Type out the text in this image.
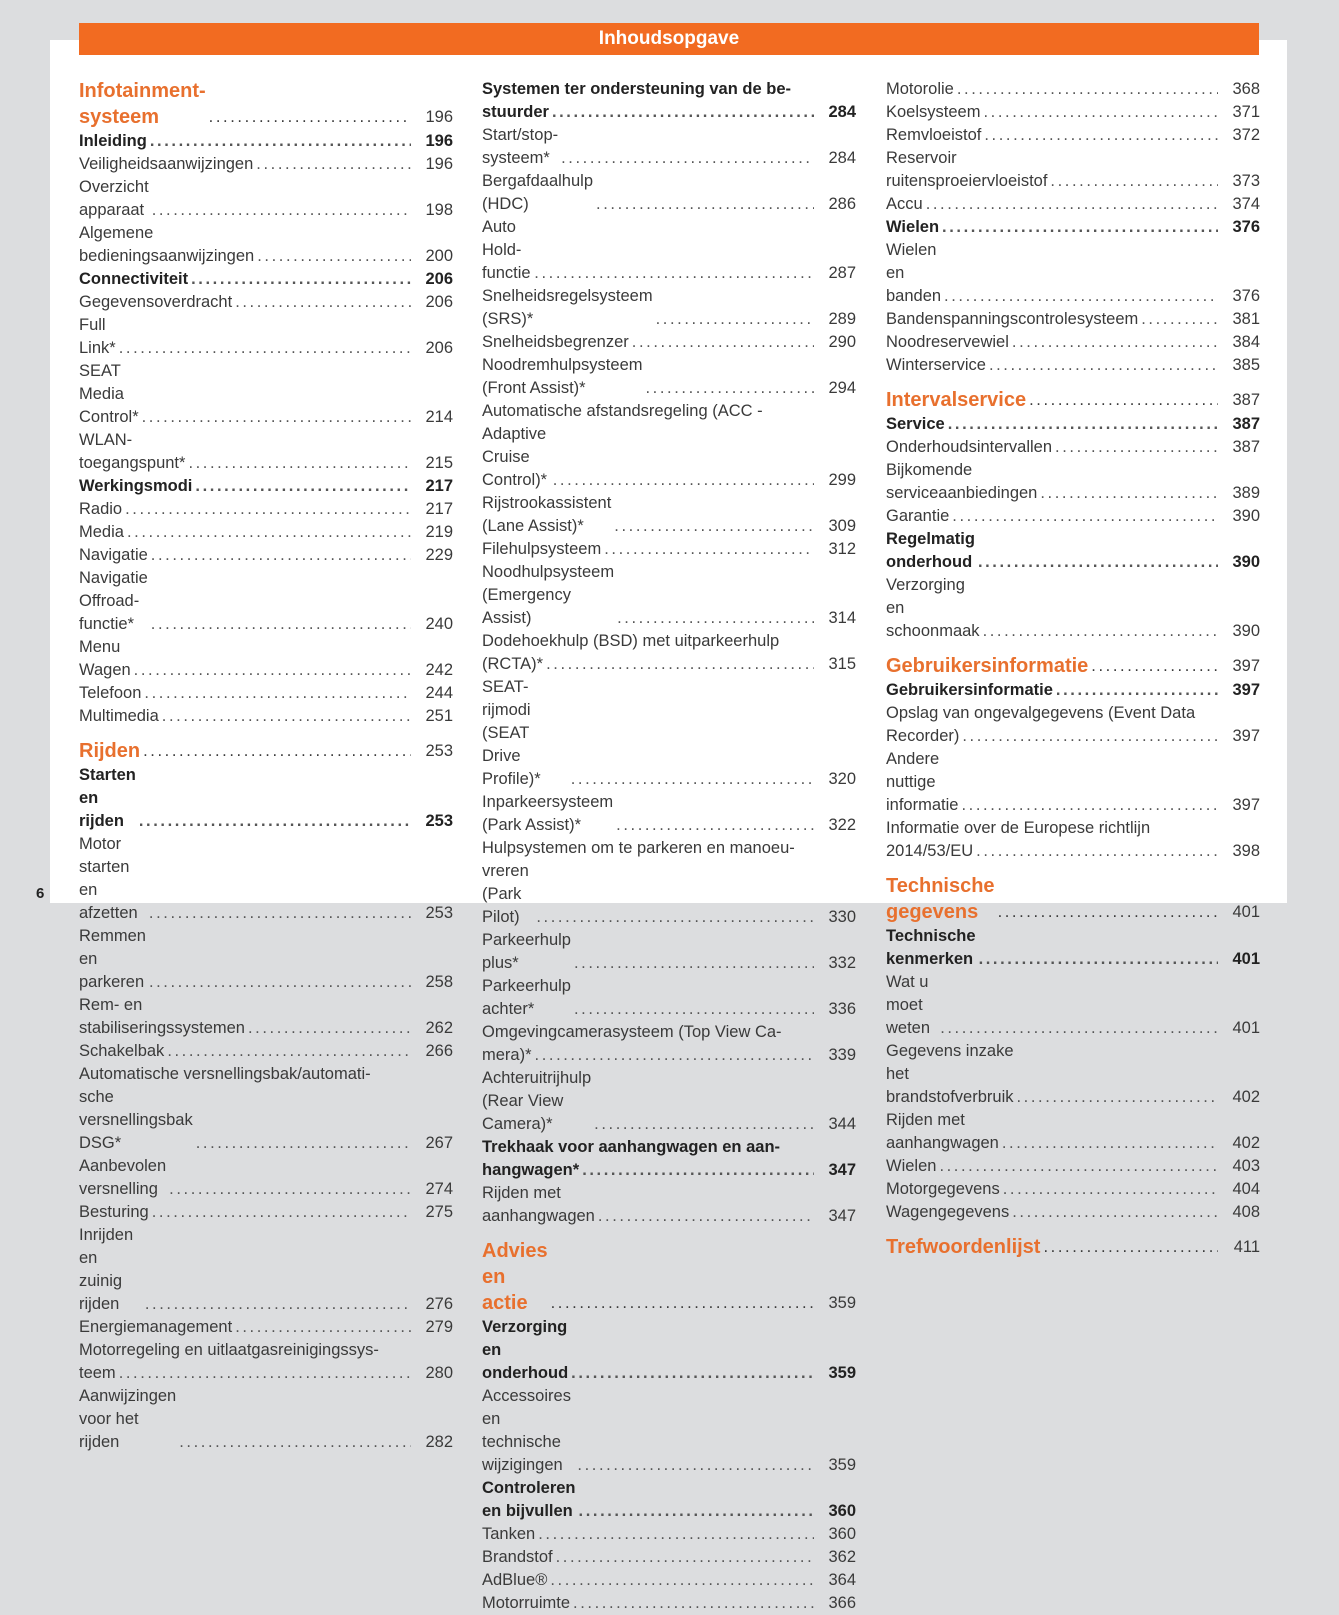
Inhoudsopgave
6
Infotainment-systeem .....	196
Inleiding .....	196
Veiligheidsaanwijzingen .....	196
Overzicht apparaat .....	198
Algemene bedieningsaanwijzingen .....	200
Connectiviteit .....	206
Gegevensoverdracht .....	206
Full Link* .....	206
SEAT Media Control* .....	214
WLAN-toegangspunt* .....	215
Werkingsmodi .....	217
Radio .....	217
Media .....	219
Navigatie .....	229
Navigatie Offroad-functie* .....	240
Menu Wagen .....	242
Telefoon .....	244
Multimedia .....	251
Rijden .....	253
Starten en rijden .....	253
Motor starten en afzetten .....	253
Remmen en parkeren .....	258
Rem- en stabiliseringssystemen .....	262
Schakelbak .....	266
Automatische versnellingsbak/automati-
sche versnellingsbak DSG* .....	267
Aanbevolen versnelling .....	274
Besturing .....	275
Inrijden en zuinig rijden .....	276
Energiemanagement .....	279
Motorregeling en uitlaatgasreinigingssys-
teem .....	280
Aanwijzingen voor het rijden .....	282
Systemen ter ondersteuning van de be-
stuurder .....	284
Start/stop-systeem* .....	284
Bergafdaalhulp (HDC) .....	286
Auto Hold-functie .....	287
Snelheidsregelsysteem (SRS)* .....	289
Snelheidsbegrenzer .....	290
Noodremhulpsysteem (Front Assist)* .....	294
Automatische afstandsregeling (ACC -
Adaptive Cruise Control)* .....	299
Rijstrookassistent (Lane Assist)* .....	309
Filehulpsysteem .....	312
Noodhulpsysteem (Emergency Assist) .....	314
Dodehoekhulp (BSD) met uitparkeerhulp
(RCTA)* .....	315
SEAT-rijmodi (SEAT Drive Profile)* .....	320
Inparkeersysteem (Park Assist)* .....	322
Hulpsystemen om te parkeren en manoeu-
vreren (Park Pilot) .....	330
Parkeerhulp plus* .....	332
Parkeerhulp achter* .....	336
Omgevingcamerasysteem (Top View Ca-
mera)* .....	339
Achteruitrijhulp (Rear View Camera)* .....	344
Trekhaak voor aanhangwagen en aan-
hangwagen* .....	347
Rijden met aanhangwagen .....	347
Advies en actie .....	359
Verzorging en onderhoud .....	359
Accessoires en technische wijzigingen .....	359
Controleren en bijvullen .....	360
Tanken .....	360
Brandstof .....	362
AdBlue® .....	364
Motorruimte .....	366
Motorolie .....	368
Koelsysteem .....	371
Remvloeistof .....	372
Reservoir ruitensproeiervloeistof .....	373
Accu .....	374
Wielen .....	376
Wielen en banden .....	376
Bandenspanningscontrolesysteem .....	381
Noodreservewiel .....	384
Winterservice .....	385
Intervalservice .....	387
Service .....	387
Onderhoudsintervallen .....	387
Bijkomende serviceaanbiedingen .....	389
Garantie .....	390
Regelmatig onderhoud .....	390
Verzorging en schoonmaak .....	390
Gebruikersinformatie .....	397
Gebruikersinformatie .....	397
Opslag van ongevalgegevens (Event Data
Recorder) .....	397
Andere nuttige informatie .....	397
Informatie over de Europese richtlijn
2014/53/EU .....	398
Technische gegevens .....	401
Technische kenmerken .....	401
Wat u moet weten .....	401
Gegevens inzake het brandstofverbruik .....	402
Rijden met aanhangwagen .....	402
Wielen .....	403
Motorgegevens .....	404
Wagengegevens .....	408
Trefwoordenlijst .....	411
